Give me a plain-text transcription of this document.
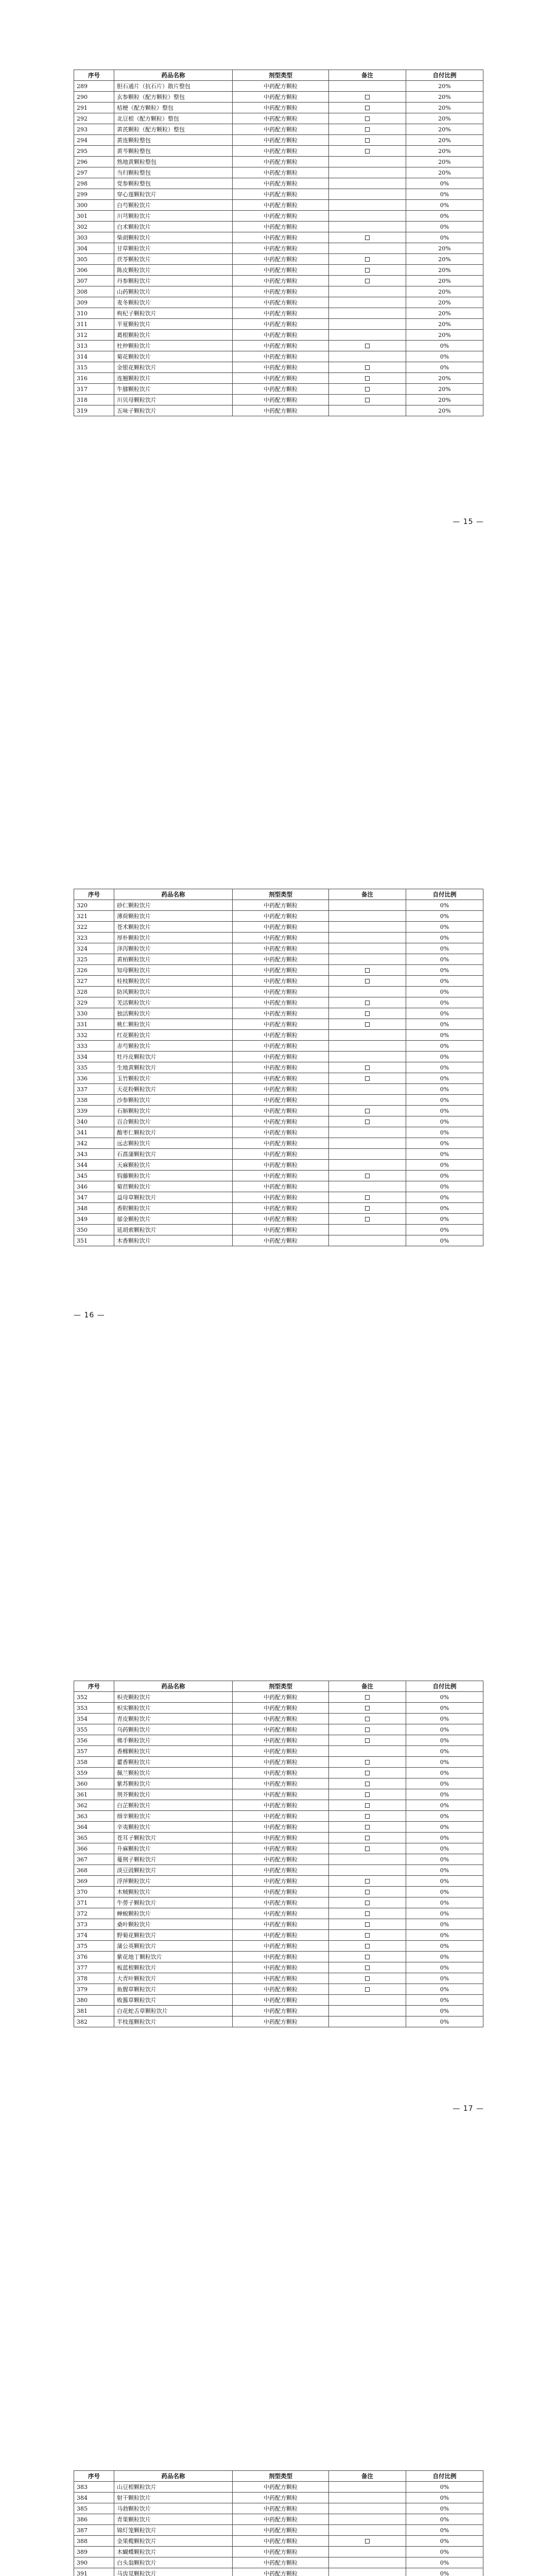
序号	药品名称	剂型类型	备注	自付比例
289	胆石通片（抗石片）散片整包	中药配方颗粒		20%
290	玄参颗粒（配方颗粒）整包	中药配方颗粒		20%
291	桔梗（配方颗粒）整包	中药配方颗粒		20%
292	北豆根（配方颗粒）整包	中药配方颗粒		20%
293	黄芪颗粒（配方颗粒）整包	中药配方颗粒		20%
294	黄连颗粒整包	中药配方颗粒		20%
295	黄芩颗粒整包	中药配方颗粒		20%
296	熟地黄颗粒整包	中药配方颗粒		20%
297	当归颗粒整包	中药配方颗粒		20%
298	党参颗粒整包	中药配方颗粒		0%
299	穿心莲颗粒饮片	中药配方颗粒		0%
300	白芍颗粒饮片	中药配方颗粒		0%
301	川芎颗粒饮片	中药配方颗粒		0%
302	白术颗粒饮片	中药配方颗粒		0%
303	柴胡颗粒饮片	中药配方颗粒		0%
304	甘草颗粒饮片	中药配方颗粒		20%
305	茯苓颗粒饮片	中药配方颗粒		20%
306	陈皮颗粒饮片	中药配方颗粒		20%
307	丹参颗粒饮片	中药配方颗粒		20%
308	山药颗粒饮片	中药配方颗粒		20%
309	麦冬颗粒饮片	中药配方颗粒		20%
310	枸杞子颗粒饮片	中药配方颗粒		20%
311	半夏颗粒饮片	中药配方颗粒		20%
312	葛根颗粒饮片	中药配方颗粒		20%
313	杜仲颗粒饮片	中药配方颗粒		0%
314	菊花颗粒饮片	中药配方颗粒		0%
315	金银花颗粒饮片	中药配方颗粒		0%
316	连翘颗粒饮片	中药配方颗粒		20%
317	牛膝颗粒饮片	中药配方颗粒		20%
318	川贝母颗粒饮片	中药配方颗粒		20%
319	五味子颗粒饮片	中药配方颗粒		20%
— 15 —
序号	药品名称	剂型类型	备注	自付比例
320	砂仁颗粒饮片	中药配方颗粒		0%
321	薄荷颗粒饮片	中药配方颗粒		0%
322	苍术颗粒饮片	中药配方颗粒		0%
323	厚朴颗粒饮片	中药配方颗粒		0%
324	泽泻颗粒饮片	中药配方颗粒		0%
325	黄柏颗粒饮片	中药配方颗粒		0%
326	知母颗粒饮片	中药配方颗粒		0%
327	桂枝颗粒饮片	中药配方颗粒		0%
328	防风颗粒饮片	中药配方颗粒		0%
329	羌活颗粒饮片	中药配方颗粒		0%
330	独活颗粒饮片	中药配方颗粒		0%
331	桃仁颗粒饮片	中药配方颗粒		0%
332	红花颗粒饮片	中药配方颗粒		0%
333	赤芍颗粒饮片	中药配方颗粒		0%
334	牡丹皮颗粒饮片	中药配方颗粒		0%
335	生地黄颗粒饮片	中药配方颗粒		0%
336	玉竹颗粒饮片	中药配方颗粒		0%
337	天花粉颗粒饮片	中药配方颗粒		0%
338	沙参颗粒饮片	中药配方颗粒		0%
339	石斛颗粒饮片	中药配方颗粒		0%
340	百合颗粒饮片	中药配方颗粒		0%
341	酸枣仁颗粒饮片	中药配方颗粒		0%
342	远志颗粒饮片	中药配方颗粒		0%
343	石菖蒲颗粒饮片	中药配方颗粒		0%
344	天麻颗粒饮片	中药配方颗粒		0%
345	钩藤颗粒饮片	中药配方颗粒		0%
346	菊苣颗粒饮片	中药配方颗粒		0%
347	益母草颗粒饮片	中药配方颗粒		0%
348	香附颗粒饮片	中药配方颗粒		0%
349	郁金颗粒饮片	中药配方颗粒		0%
350	延胡索颗粒饮片	中药配方颗粒		0%
351	木香颗粒饮片	中药配方颗粒		0%
— 16 —
序号	药品名称	剂型类型	备注	自付比例
352	枳壳颗粒饮片	中药配方颗粒		0%
353	枳实颗粒饮片	中药配方颗粒		0%
354	青皮颗粒饮片	中药配方颗粒		0%
355	乌药颗粒饮片	中药配方颗粒		0%
356	佛手颗粒饮片	中药配方颗粒		0%
357	香橼颗粒饮片	中药配方颗粒		0%
358	藿香颗粒饮片	中药配方颗粒		0%
359	佩兰颗粒饮片	中药配方颗粒		0%
360	紫苏颗粒饮片	中药配方颗粒		0%
361	荆芥颗粒饮片	中药配方颗粒		0%
362	白芷颗粒饮片	中药配方颗粒		0%
363	细辛颗粒饮片	中药配方颗粒		0%
364	辛夷颗粒饮片	中药配方颗粒		0%
365	苍耳子颗粒饮片	中药配方颗粒		0%
366	升麻颗粒饮片	中药配方颗粒		0%
367	蔓荆子颗粒饮片	中药配方颗粒		0%
368	淡豆豉颗粒饮片	中药配方颗粒		0%
369	浮萍颗粒饮片	中药配方颗粒		0%
370	木贼颗粒饮片	中药配方颗粒		0%
371	牛蒡子颗粒饮片	中药配方颗粒		0%
372	蝉蜕颗粒饮片	中药配方颗粒		0%
373	桑叶颗粒饮片	中药配方颗粒		0%
374	野菊花颗粒饮片	中药配方颗粒		0%
375	蒲公英颗粒饮片	中药配方颗粒		0%
376	紫花地丁颗粒饮片	中药配方颗粒		0%
377	板蓝根颗粒饮片	中药配方颗粒		0%
378	大青叶颗粒饮片	中药配方颗粒		0%
379	鱼腥草颗粒饮片	中药配方颗粒		0%
380	败酱草颗粒饮片	中药配方颗粒		0%
381	白花蛇舌草颗粒饮片	中药配方颗粒		0%
382	半枝莲颗粒饮片	中药配方颗粒		0%
— 17 —
序号	药品名称	剂型类型	备注	自付比例
383	山豆根颗粒饮片	中药配方颗粒		0%
384	射干颗粒饮片	中药配方颗粒		0%
385	马勃颗粒饮片	中药配方颗粒		0%
386	青果颗粒饮片	中药配方颗粒		0%
387	锦灯笼颗粒饮片	中药配方颗粒		0%
388	金果榄颗粒饮片	中药配方颗粒		0%
389	木蝴蝶颗粒饮片	中药配方颗粒		0%
390	白头翁颗粒饮片	中药配方颗粒		0%
391	马齿苋颗粒饮片	中药配方颗粒		0%
